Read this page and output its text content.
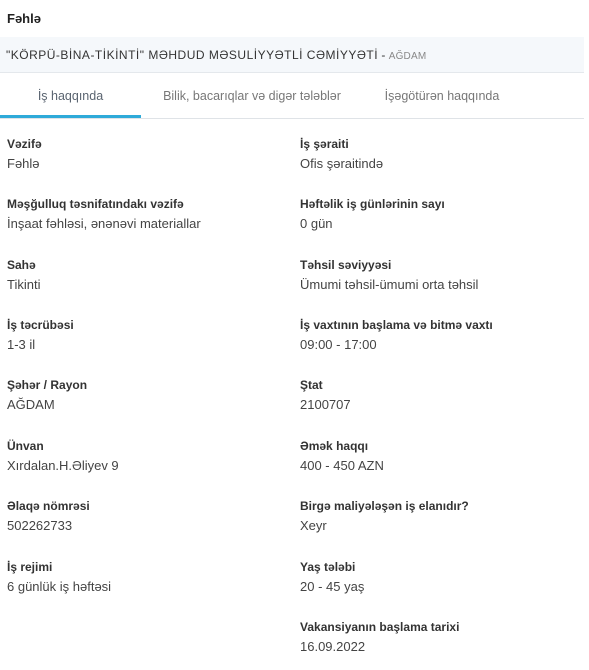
Fəhlə
"KÖRPÜ-BİNA-TİKİNTİ" MƏHDUD MƏSULİYYƏTLİ CƏMİYYƏTİ - AĞDAM
İş haqqında	Bilik, bacarıqlar və digər tələblər	İşəgötürən haqqında
Vəzifə
Fəhlə
Məşğulluq təsnifatındakı vəzifə
İnşaat fəhləsi, ənənəvi materiallar
Sahə
Tikinti
İş təcrübəsi
1-3 il
Şəhər / Rayon
AĞDAM
Ünvan
Xırdalan.H.Əliyev 9
Əlaqə nömrəsi
502262733
İş rejimi
6 günlük iş həftəsi
İş şəraiti
Ofis şəraitində
Həftəlik iş günlərinin sayı
0 gün
Təhsil səviyyəsi
Ümumi təhsil-ümumi orta təhsil
İş vaxtının başlama və bitmə vaxtı
09:00 - 17:00
Ştat
2100707
Əmək haqqı
400 - 450 AZN
Birgə maliyələşən iş elanıdır?
Xeyr
Yaş tələbi
20 - 45 yaş
Vakansiyanın başlama tarixi
16.09.2022
